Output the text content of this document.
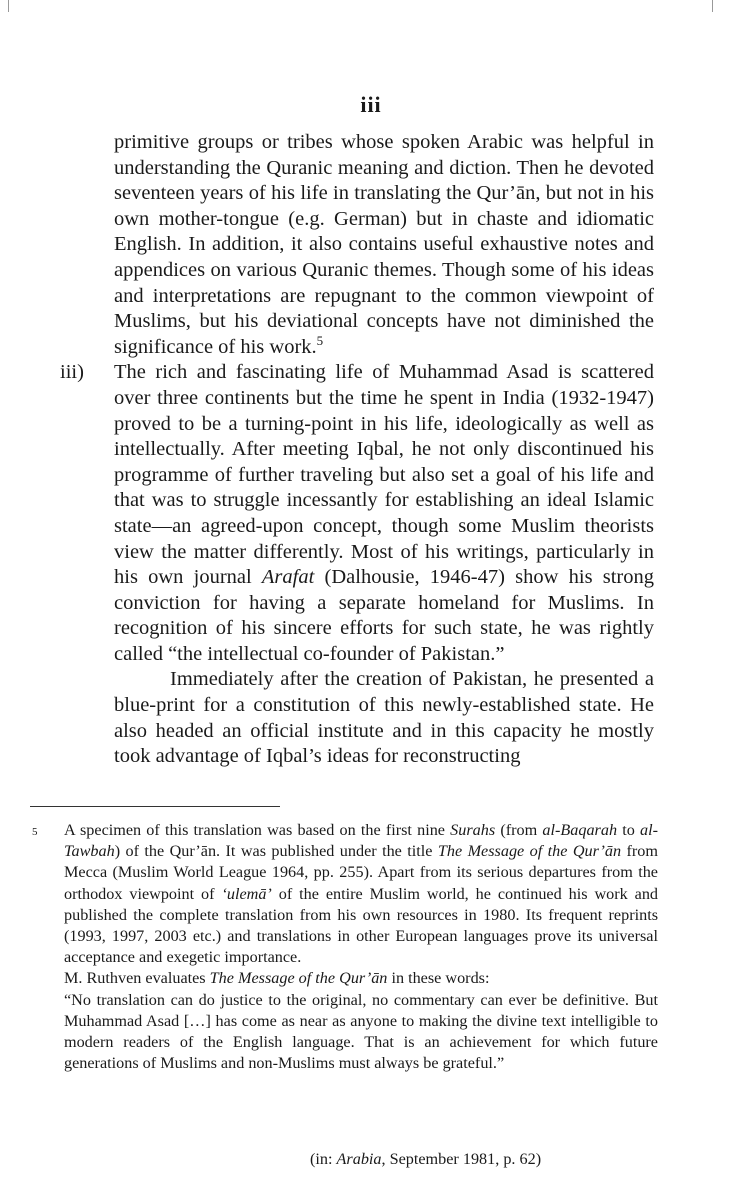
iii

primitive groups or tribes whose spoken Arabic was helpful in understanding the Quranic meaning and diction. Then he devoted seventeen years of his life in translating the Qur’ān, but not in his own mother-tongue (e.g. German) but in chaste and idiomatic English. In addition, it also contains useful exhaustive notes and appendices on various Quranic themes. Though some of his ideas and interpretations are repugnant to the common viewpoint of Muslims, but his deviational concepts have not diminished the significance of his work.$^5$

iii) The rich and fascinating life of Muhammad Asad is scattered over three continents but the time he spent in India (1932-1947) proved to be a turning-point in his life, ideologically as well as intellectually. After meeting Iqbal, he not only discontinued his programme of further traveling but also set a goal of his life and that was to struggle incessantly for establishing an ideal Islamic state—an agreed-upon concept, though some Muslim theorists view the matter differently. Most of his writings, particularly in his own journal Arafat (Dalhousie, 1946-47) show his strong conviction for having a separate homeland for Muslims. In recognition of his sincere efforts for such state, he was rightly called “the intellectual co-founder of Pakistan.”

Immediately after the creation of Pakistan, he presented a blue-print for a constitution of this newly-established state. He also headed an official institute and in this capacity he mostly took advantage of Iqbal’s ideas for reconstructing

5 A specimen of this translation was based on the first nine Surahs (from al-Baqarah to al-Tawbah) of the Qur’ān. It was published under the title The Message of the Qur’ān from Mecca (Muslim World League 1964, pp. 255). Apart from its serious departures from the orthodox viewpoint of ‘ulemā’ of the entire Muslim world, he continued his work and published the complete translation from his own resources in 1980. Its frequent reprints (1993, 1997, 2003 etc.) and translations in other European languages prove its universal acceptance and exegetic importance.

M. Ruthven evaluates The Message of the Qur’ān in these words:

“No translation can do justice to the original, no commentary can ever be definitive. But Muhammad Asad […] has come as near as anyone to making the divine text intelligible to modern readers of the English language. That is an achievement for which future generations of Muslims and non-Muslims must always be grateful.”

(in: Arabia, September 1981, p. 62)
